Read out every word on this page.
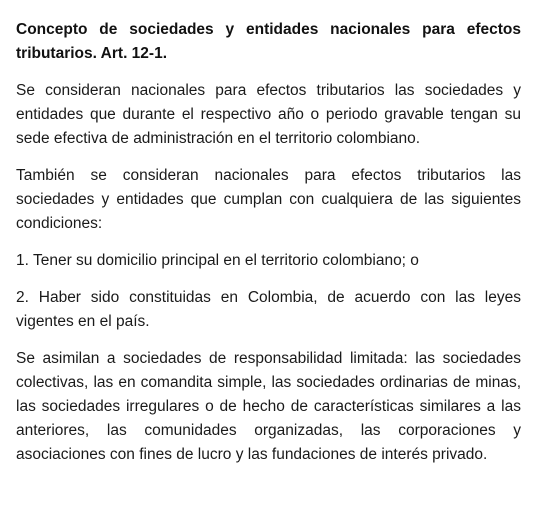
Concepto de sociedades y entidades nacionales para efectos tributarios. Art. 12-1.

Se consideran nacionales para efectos tributarios las sociedades y entidades que durante el respectivo año o periodo gravable tengan su sede efectiva de administración en el territorio colombiano.

También se consideran nacionales para efectos tributarios las sociedades y entidades que cumplan con cualquiera de las siguientes condiciones:

1. Tener su domicilio principal en el territorio colombiano; o

2. Haber sido constituidas en Colombia, de acuerdo con las leyes vigentes en el país.

Se asimilan a sociedades de responsabilidad limitada: las sociedades colectivas, las en comandita simple, las sociedades ordinarias de minas, las sociedades irregulares o de hecho de características similares a las anteriores, las comunidades organizadas, las corporaciones y asociaciones con fines de lucro y las fundaciones de interés privado.
